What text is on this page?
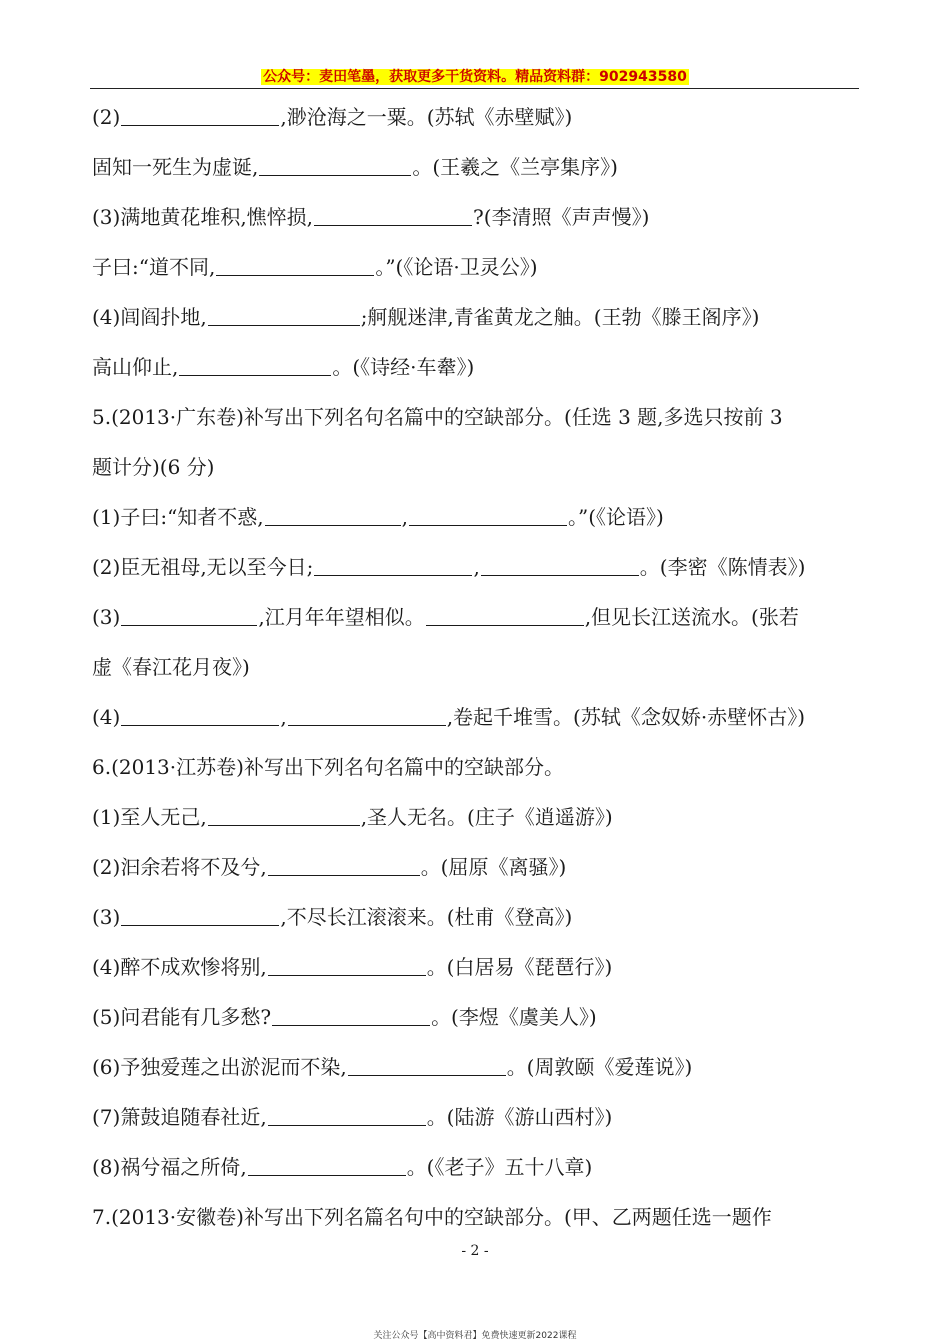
公众号：麦田笔墨，获取更多干货资料。精品资料群：902943580
(2)	,渺沧海之一粟。(苏轼《赤壁赋》)
固知一死生为虚诞,	。(王羲之《兰亭集序》)
(3)满地黄花堆积,憔悴损,	?(李清照《声声慢》)
子曰:“道不同,	。”(《论语·卫灵公》)
(4)闾阎扑地,	;舸舰迷津,青雀黄龙之舳。(王勃《滕王阁序》)
高山仰止,	。(《诗经·车舝》)
5.(2013·广东卷)补写出下列名句名篇中的空缺部分。(任选 3 题,多选只按前 3
题计分)(6 分)
(1)子曰:“知者不惑,	,	。”(《论语》)
(2)臣无祖母,无以至今日;	,	。(李密《陈情表》)
(3)	,江月年年望相似。	,但见长江送流水。(张若
虚《春江花月夜》)
(4)	,	,卷起千堆雪。(苏轼《念奴娇·赤壁怀古》)
6.(2013·江苏卷)补写出下列名句名篇中的空缺部分。
(1)至人无己,	,圣人无名。(庄子《逍遥游》)
(2)汩余若将不及兮,	。(屈原《离骚》)
(3)	,不尽长江滚滚来。(杜甫《登高》)
(4)醉不成欢惨将别,	。(白居易《琵琶行》)
(5)问君能有几多愁?	。(李煜《虞美人》)
(6)予独爱莲之出淤泥而不染,	。(周敦颐《爱莲说》)
(7)箫鼓追随春社近,	。(陆游《游山西村》)
(8)祸兮福之所倚,	。(《老子》五十八章)
7.(2013·安徽卷)补写出下列名篇名句中的空缺部分。(甲、乙两题任选一题作
- 2 -
关注公众号【高中资料君】免费快速更新2022课程
